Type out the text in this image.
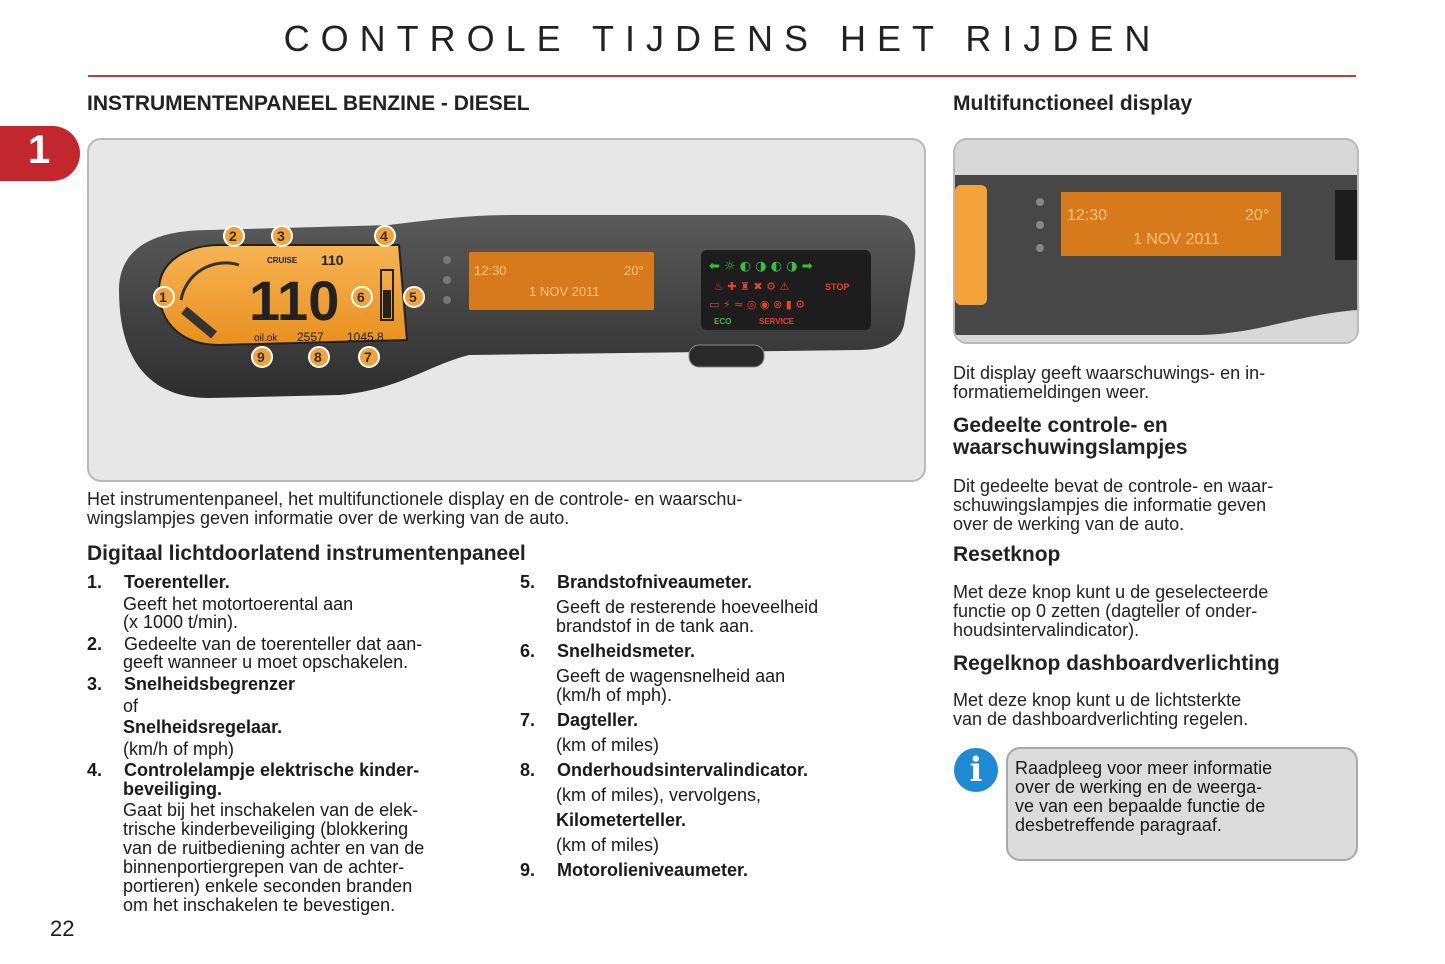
CONTROLE TIJDENS HET RIJDEN
1
INSTRUMENTENPANEEL BENZINE - DIESEL
110
CRUISE 110
oil.ok 2557 1045.8
12:30	20°
1 NOV 2011
⬅ ☼ ◐ ◑ ◐ ◑ ➡
♨ ✚ ♜ ✖ ⚙ ⚠	STOP
▭ ⚡ ≈ ◎ ◉ ⊗ ▮ ⚙
ECO	SERVICE
1
2	3	4
5
6
7
8
9
Het instrumentenpaneel, het multifunctionele display en de controle- en waarschu-
wingslampjes geven informatie over de werking van de auto.
Digitaal lichtdoorlatend instrumentenpaneel
1. Toerenteller.
Geeft het motortoerental aan
(x 1000 t/min).
2. Gedeelte van de toerenteller dat aan-
geeft wanneer u moet opschakelen.
3. Snelheidsbegrenzer
of
Snelheidsregelaar.
(km/h of mph)
4. Controlelampje elektrische kinder-
beveiliging.
Gaat bij het inschakelen van de elek-
trische kinderbeveiliging (blokkering
van de ruitbediening achter en van de
binnenportiergrepen van de achter-
portieren) enkele seconden branden
om het inschakelen te bevestigen.
5. Brandstofniveaumeter.
Geeft de resterende hoeveelheid
brandstof in de tank aan.
6. Snelheidsmeter.
Geeft de wagensnelheid aan
(km/h of mph).
7. Dagteller.
(km of miles)
8. Onderhoudsintervalindicator.
(km of miles), vervolgens,
Kilometerteller.
(km of miles)
9. Motorolieniveaumeter.
Multifunctioneel display
12:30	20°
1 NOV 2011
Dit display geeft waarschuwings- en in-
formatiemeldingen weer.
Gedeelte controle- en
waarschuwingslampjes
Dit gedeelte bevat de controle- en waar-
schuwingslampjes die informatie geven
over de werking van de auto.
Resetknop
Met deze knop kunt u de geselecteerde
functie op 0 zetten (dagteller of onder-
houdsintervalindicator).
Regelknop dashboardverlichting
Met deze knop kunt u de lichtsterkte
van de dashboardverlichting regelen.
i	Raadpleeg voor meer informatie
over de werking en de weerga-
ve van een bepaalde functie de
desbetreffende paragraaf.
22
